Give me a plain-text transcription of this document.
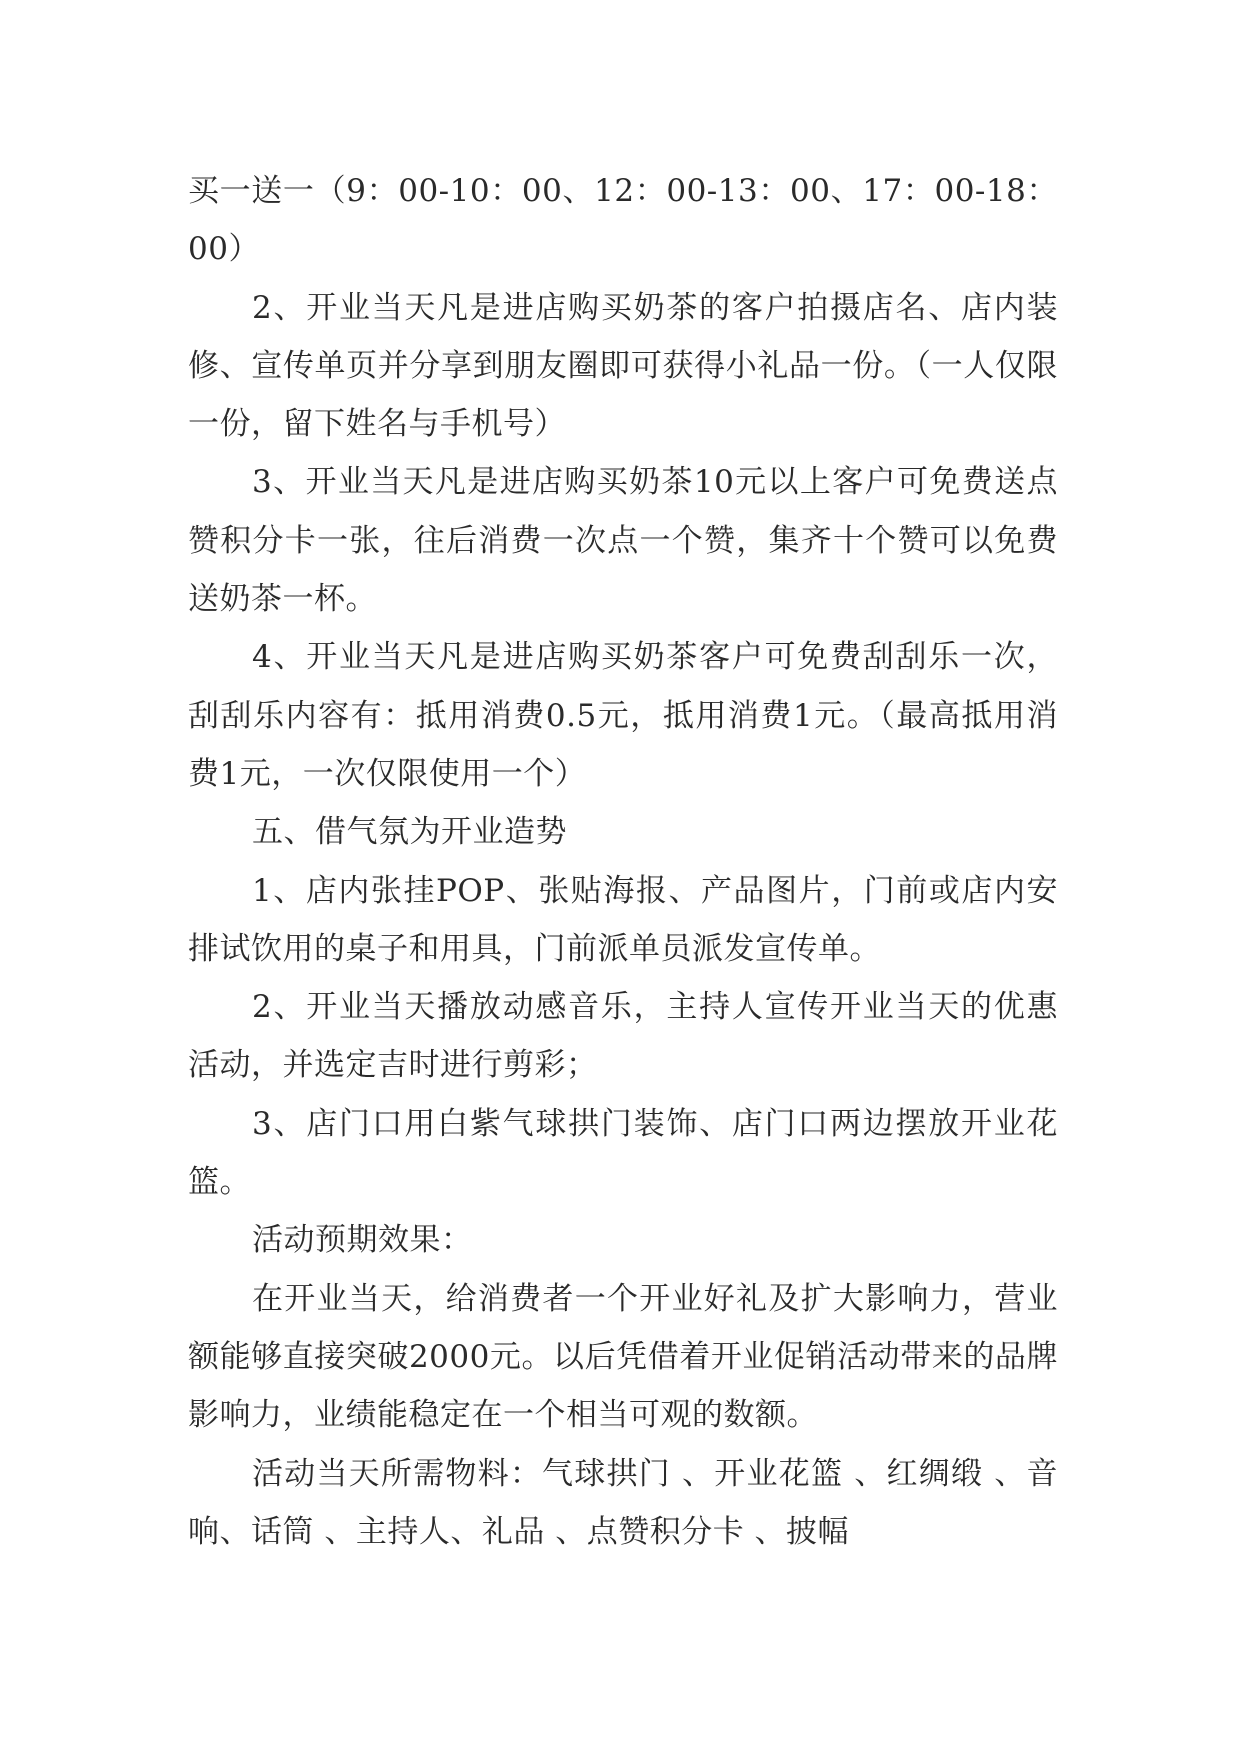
买一送一（9：00-10：00、12：00-13：00、17：00-18：00）

2、开业当天凡是进店购买奶茶的客户拍摄店名、店内装修、宣传单页并分享到朋友圈即可获得小礼品一份。（一人仅限一份，留下姓名与手机号）

3、开业当天凡是进店购买奶茶10元以上客户可免费送点赞积分卡一张，往后消费一次点一个赞，集齐十个赞可以免费送奶茶一杯。

4、开业当天凡是进店购买奶茶客户可免费刮刮乐一次，刮刮乐内容有：抵用消费0.5元，抵用消费1元。（最高抵用消费1元，一次仅限使用一个）

五、借气氛为开业造势

1、店内张挂POP、张贴海报、产品图片，门前或店内安排试饮用的桌子和用具，门前派单员派发宣传单。

2、开业当天播放动感音乐，主持人宣传开业当天的优惠活动，并选定吉时进行剪彩；

3、店门口用白紫气球拱门装饰、店门口两边摆放开业花篮。

活动预期效果：

在开业当天，给消费者一个开业好礼及扩大影响力，营业额能够直接突破2000元。以后凭借着开业促销活动带来的品牌影响力，业绩能稳定在一个相当可观的数额。

活动当天所需物料：气球拱门 、开业花篮 、红绸缎 、音响、话筒 、主持人、礼品 、点赞积分卡 、披幅
